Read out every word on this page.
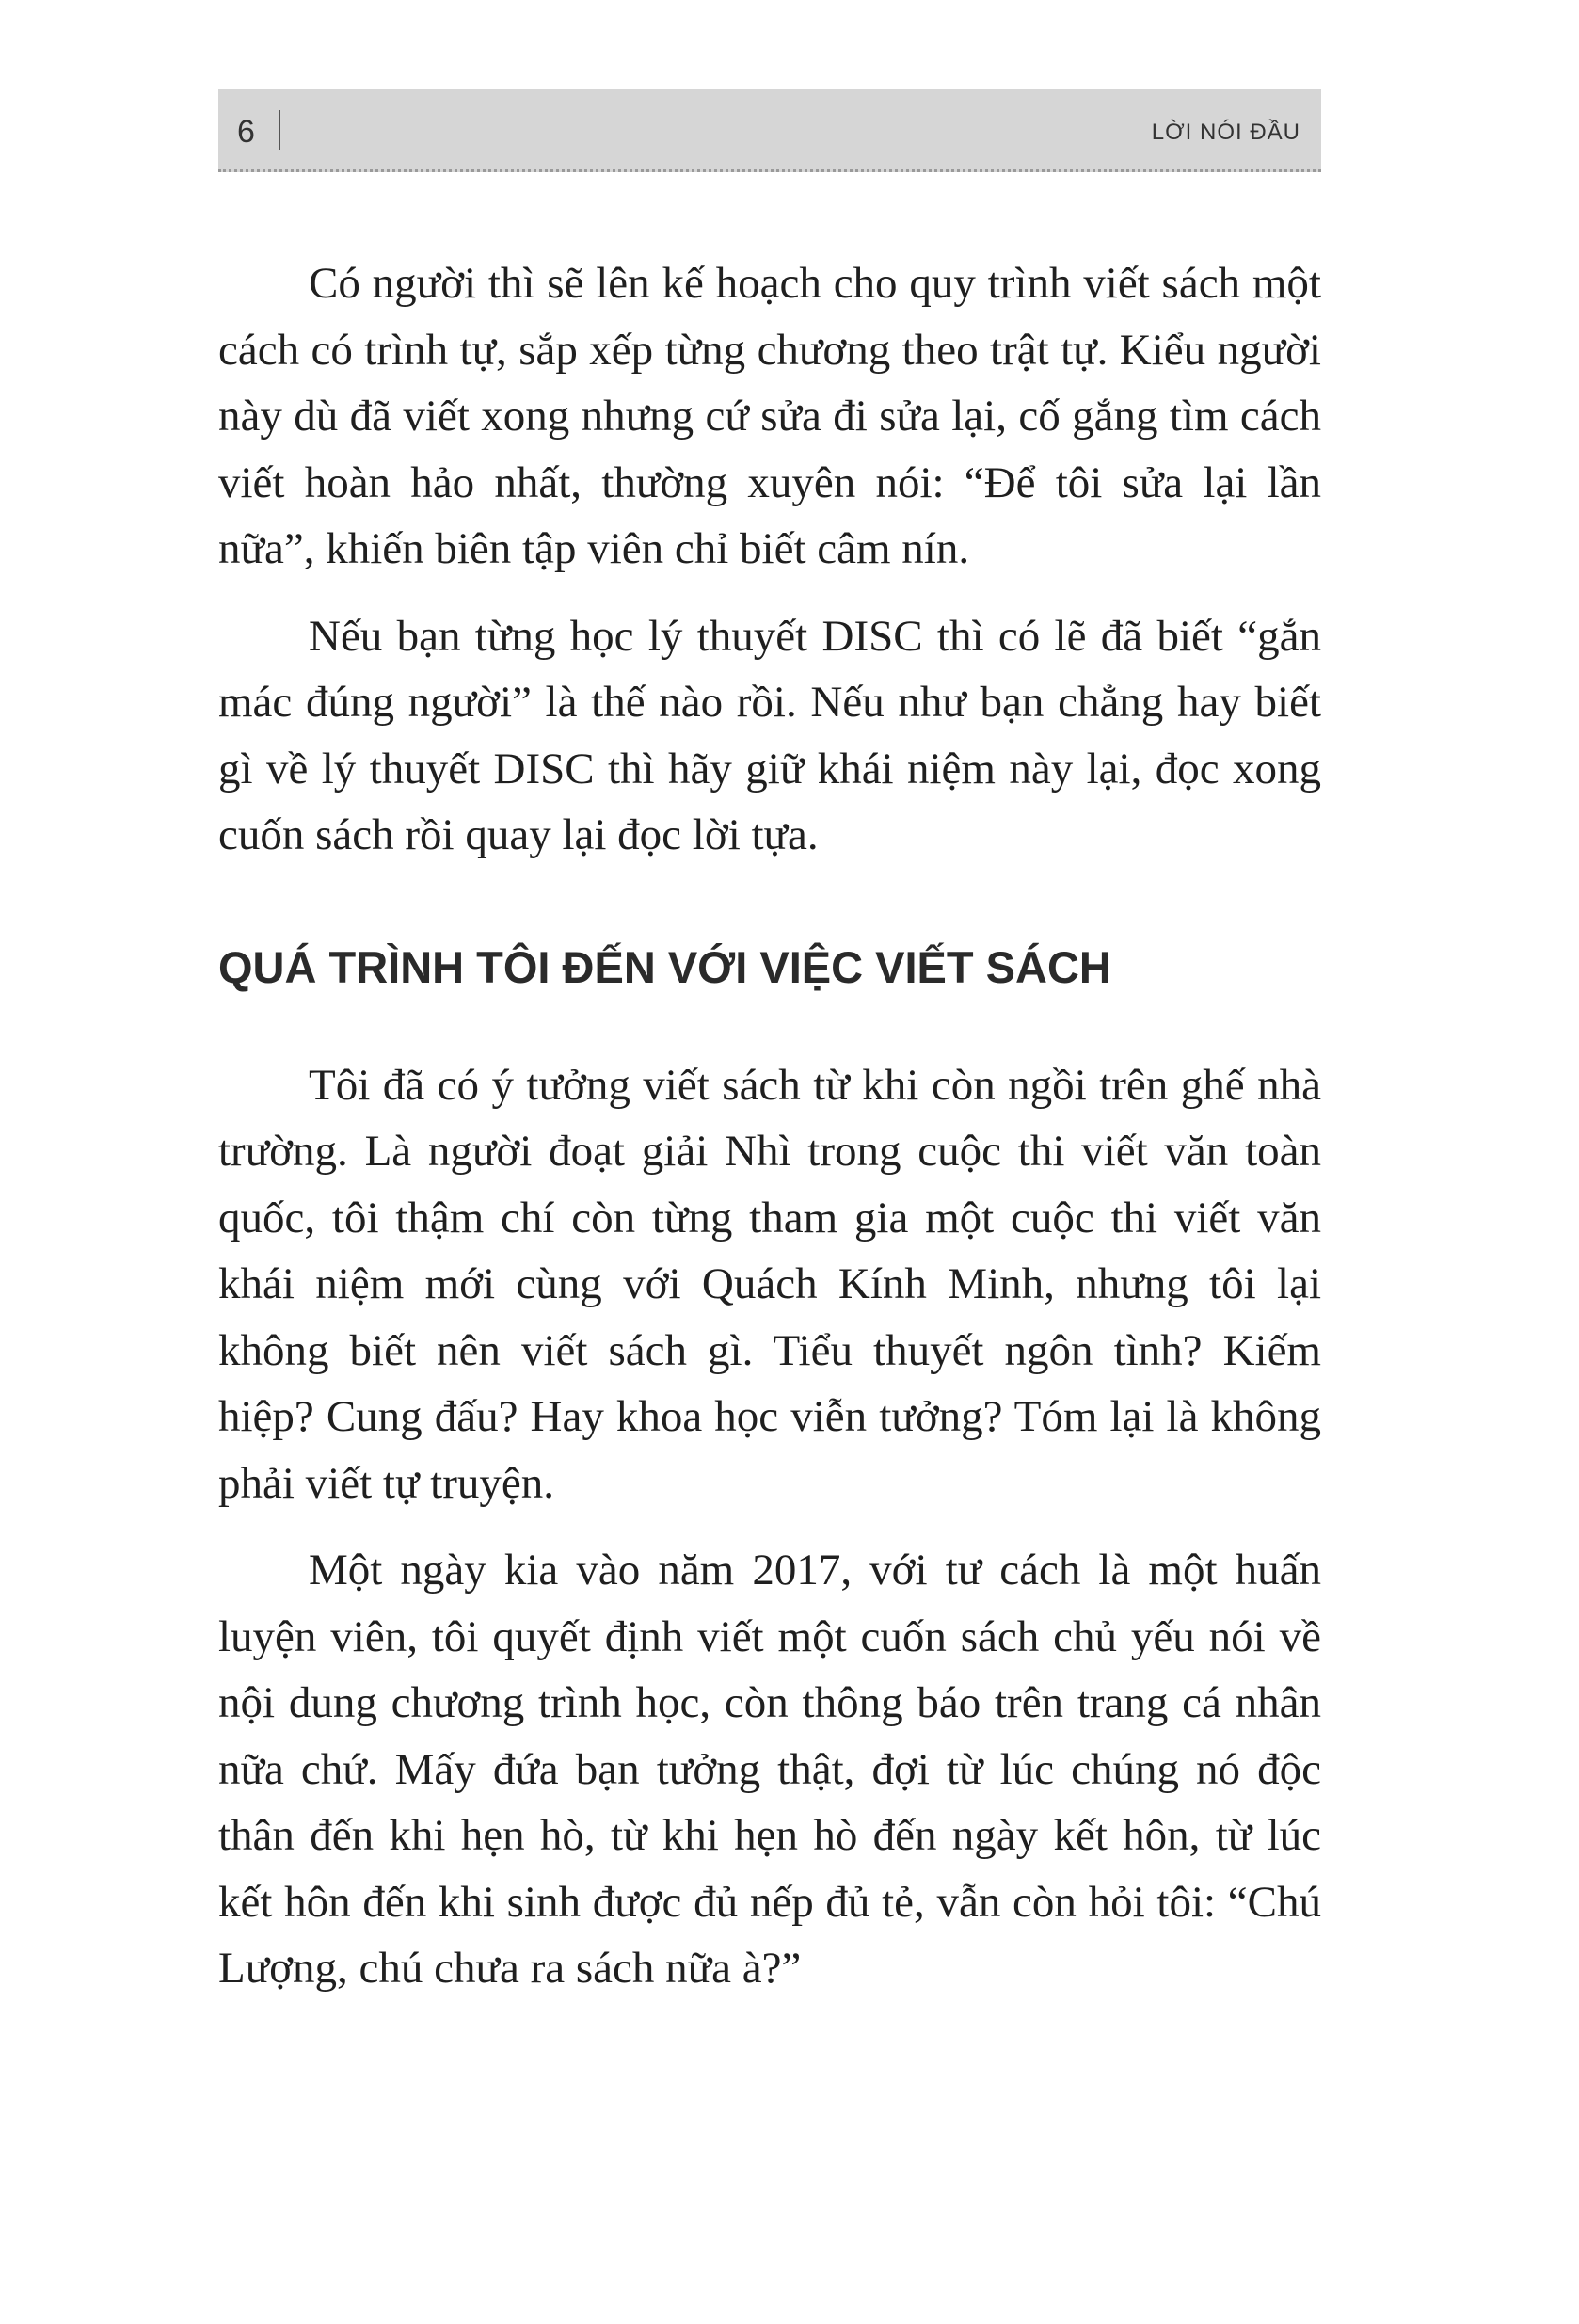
6	LỜI NÓI ĐẦU

Có người thì sẽ lên kế hoạch cho quy trình viết sách một cách có trình tự, sắp xếp từng chương theo trật tự. Kiểu người này dù đã viết xong nhưng cứ sửa đi sửa lại, cố gắng tìm cách viết hoàn hảo nhất, thường xuyên nói: “Để tôi sửa lại lần nữa”, khiến biên tập viên chỉ biết câm nín.

Nếu bạn từng học lý thuyết DISC thì có lẽ đã biết “gắn mác đúng người” là thế nào rồi. Nếu như bạn chẳng hay biết gì về lý thuyết DISC thì hãy giữ khái niệm này lại, đọc xong cuốn sách rồi quay lại đọc lời tựa.

QUÁ TRÌNH TÔI ĐẾN VỚI VIỆC VIẾT SÁCH

Tôi đã có ý tưởng viết sách từ khi còn ngồi trên ghế nhà trường. Là người đoạt giải Nhì trong cuộc thi viết văn toàn quốc, tôi thậm chí còn từng tham gia một cuộc thi viết văn khái niệm mới cùng với Quách Kính Minh, nhưng tôi lại không biết nên viết sách gì. Tiểu thuyết ngôn tình? Kiếm hiệp? Cung đấu? Hay khoa học viễn tưởng? Tóm lại là không phải viết tự truyện.

Một ngày kia vào năm 2017, với tư cách là một huấn luyện viên, tôi quyết định viết một cuốn sách chủ yếu nói về nội dung chương trình học, còn thông báo trên trang cá nhân nữa chứ. Mấy đứa bạn tưởng thật, đợi từ lúc chúng nó độc thân đến khi hẹn hò, từ khi hẹn hò đến ngày kết hôn, từ lúc kết hôn đến khi sinh được đủ nếp đủ tẻ, vẫn còn hỏi tôi: “Chú Lượng, chú chưa ra sách nữa à?”
